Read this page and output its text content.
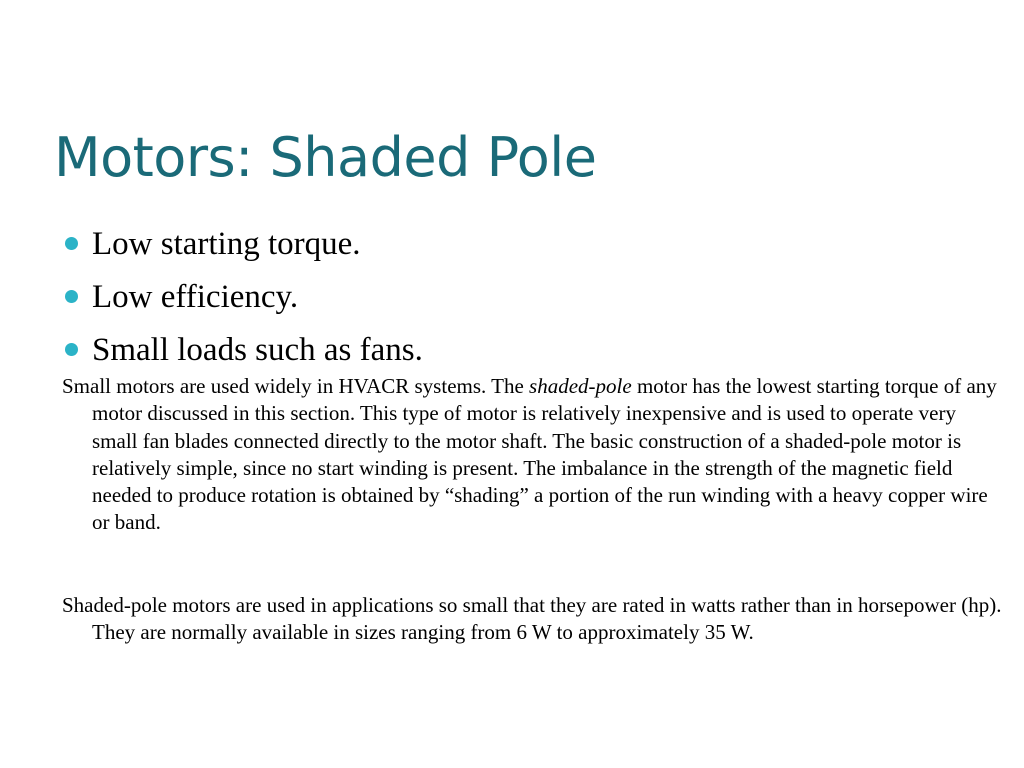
Motors: Shaded Pole
Low starting torque.
Low efficiency.
Small loads such as fans.

Small motors are used widely in HVACR systems. The shaded-pole motor has the lowest starting torque of any motor discussed in this section. This type of motor is relatively inexpensive and is used to operate very small fan blades connected directly to the motor shaft. The basic construction of a shaded-pole motor is relatively simple, since no start winding is present. The imbalance in the strength of the magnetic field needed to produce rotation is obtained by “shading” a portion of the run winding with a heavy copper wire or band.

Shaded-pole motors are used in applications so small that they are rated in watts rather than in horsepower (hp). They are normally available in sizes ranging from 6 W to approximately 35 W.
